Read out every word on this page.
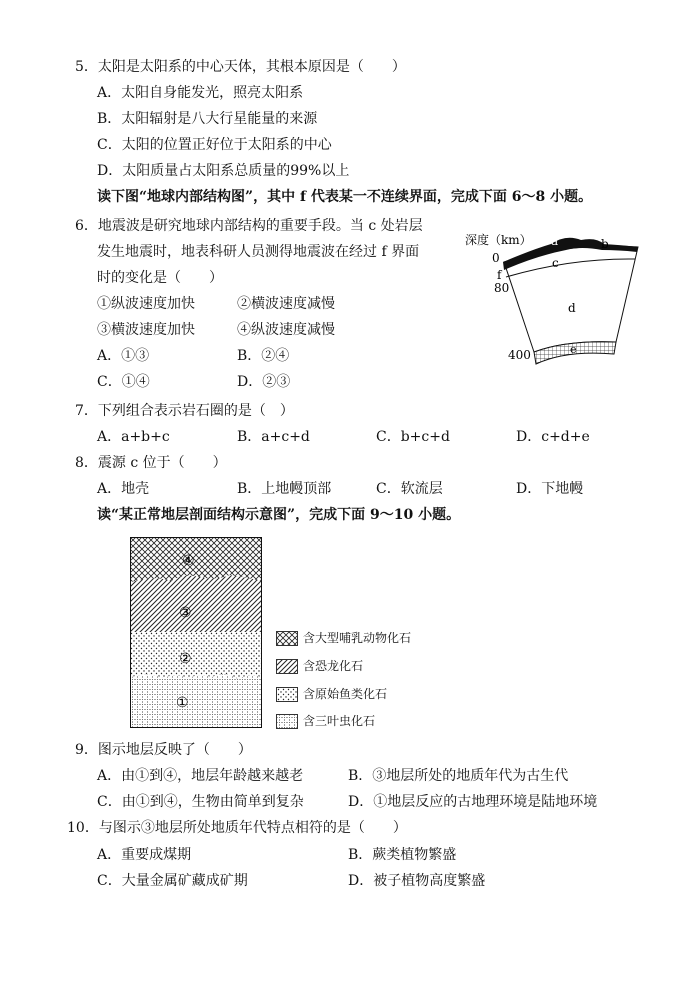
5．太阳是太阳系的中心天体，其根本原因是（　　）
A．太阳自身能发光，照亮太阳系
B．太阳辐射是八大行星能量的来源
C．太阳的位置正好位于太阳系的中心
D．太阳质量占太阳系总质量的99%以上
读下图“地球内部结构图”，其中 f 代表某一不连续界面，完成下面 6～8 小题。
6．地震波是研究地球内部结构的重要手段。当 c 处岩层
发生地震时，地表科研人员测得地震波在经过 f 界面
时的变化是（　　）
①纵波速度加快	②横波速度减慢
③横波速度加快	④纵波速度减慢
A．①③	B．②④
C．①④	D．②③
深度（km）
0
f
80
400
a	b
c
d
e
7．下列组合表示岩石圈的是（　）
A．a+b+c	B．a+c+d	C．b+c+d	D．c+d+e
8．震源 c 位于（　　）
A．地壳	B．上地幔顶部	C．软流层	D．下地幔
读“某正常地层剖面结构示意图”，完成下面 9～10 小题。
④
③
②
①
含大型哺乳动物化石
含恐龙化石
含原始鱼类化石
含三叶虫化石
9．图示地层反映了（　　）
A．由①到④，地层年龄越来越老	B．③地层所处的地质年代为古生代
C．由①到④，生物由简单到复杂	D．①地层反应的古地理环境是陆地环境
10．与图示③地层所处地质年代特点相符的是（　　）
A．重要成煤期	B．蕨类植物繁盛
C．大量金属矿藏成矿期	D．被子植物高度繁盛
